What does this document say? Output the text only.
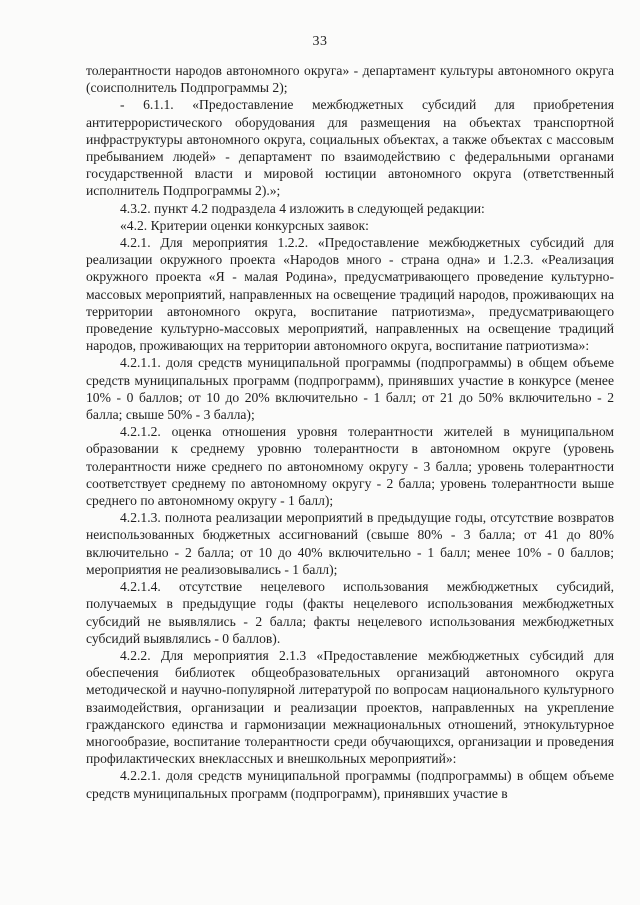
33

толерантности народов автономного округа» - департамент культуры автономного округа (соисполнитель Подпрограммы 2);

- 6.1.1. «Предоставление межбюджетных субсидий для приобретения антитеррористического оборудования для размещения на объектах транспортной инфраструктуры автономного округа, социальных объектах, а также объектах с массовым пребыванием людей» - департамент по взаимодействию с федеральными органами государственной власти и мировой юстиции автономного округа (ответственный исполнитель Подпрограммы 2).»;

4.3.2. пункт 4.2 подраздела 4 изложить в следующей редакции:

«4.2. Критерии оценки конкурсных заявок:

4.2.1. Для мероприятия 1.2.2. «Предоставление межбюджетных субсидий для реализации окружного проекта «Народов много - страна одна» и 1.2.3. «Реализация окружного проекта «Я - малая Родина», предусматривающего проведение культурно-массовых мероприятий, направленных на освещение традиций народов, проживающих на территории автономного округа, воспитание патриотизма», предусматривающего проведение культурно-массовых мероприятий, направленных на освещение традиций народов, проживающих на территории автономного округа, воспитание патриотизма»:

4.2.1.1. доля средств муниципальной программы (подпрограммы) в общем объеме средств муниципальных программ (подпрограмм), принявших участие в конкурсе (менее 10% - 0 баллов; от 10 до 20% включительно - 1 балл; от 21 до 50% включительно - 2 балла; свыше 50% - 3 балла);

4.2.1.2. оценка отношения уровня толерантности жителей в муниципальном образовании к среднему уровню толерантности в автономном округе (уровень толерантности ниже среднего по автономному округу - 3 балла; уровень толерантности соответствует среднему по автономному округу - 2 балла; уровень толерантности выше среднего по автономному округу - 1 балл);

4.2.1.3. полнота реализации мероприятий в предыдущие годы, отсутствие возвратов неиспользованных бюджетных ассигнований (свыше 80% - 3 балла; от 41 до 80% включительно - 2 балла; от 10 до 40% включительно - 1 балл; менее 10% - 0 баллов; мероприятия не реализовывались - 1 балл);

4.2.1.4. отсутствие нецелевого использования межбюджетных субсидий, получаемых в предыдущие годы (факты нецелевого использования межбюджетных субсидий не выявлялись - 2 балла; факты нецелевого использования межбюджетных субсидий выявлялись - 0 баллов).

4.2.2. Для мероприятия 2.1.3 «Предоставление межбюджетных субсидий для обеспечения библиотек общеобразовательных организаций автономного округа методической и научно-популярной литературой по вопросам национального культурного взаимодействия, организации и реализации проектов, направленных на укрепление гражданского единства и гармонизации межнациональных отношений, этнокультурное многообразие, воспитание толерантности среди обучающихся, организации и проведения профилактических внеклассных и внешкольных мероприятий»:

4.2.2.1. доля средств муниципальной программы (подпрограммы) в общем объеме средств муниципальных программ (подпрограмм), принявших участие в
